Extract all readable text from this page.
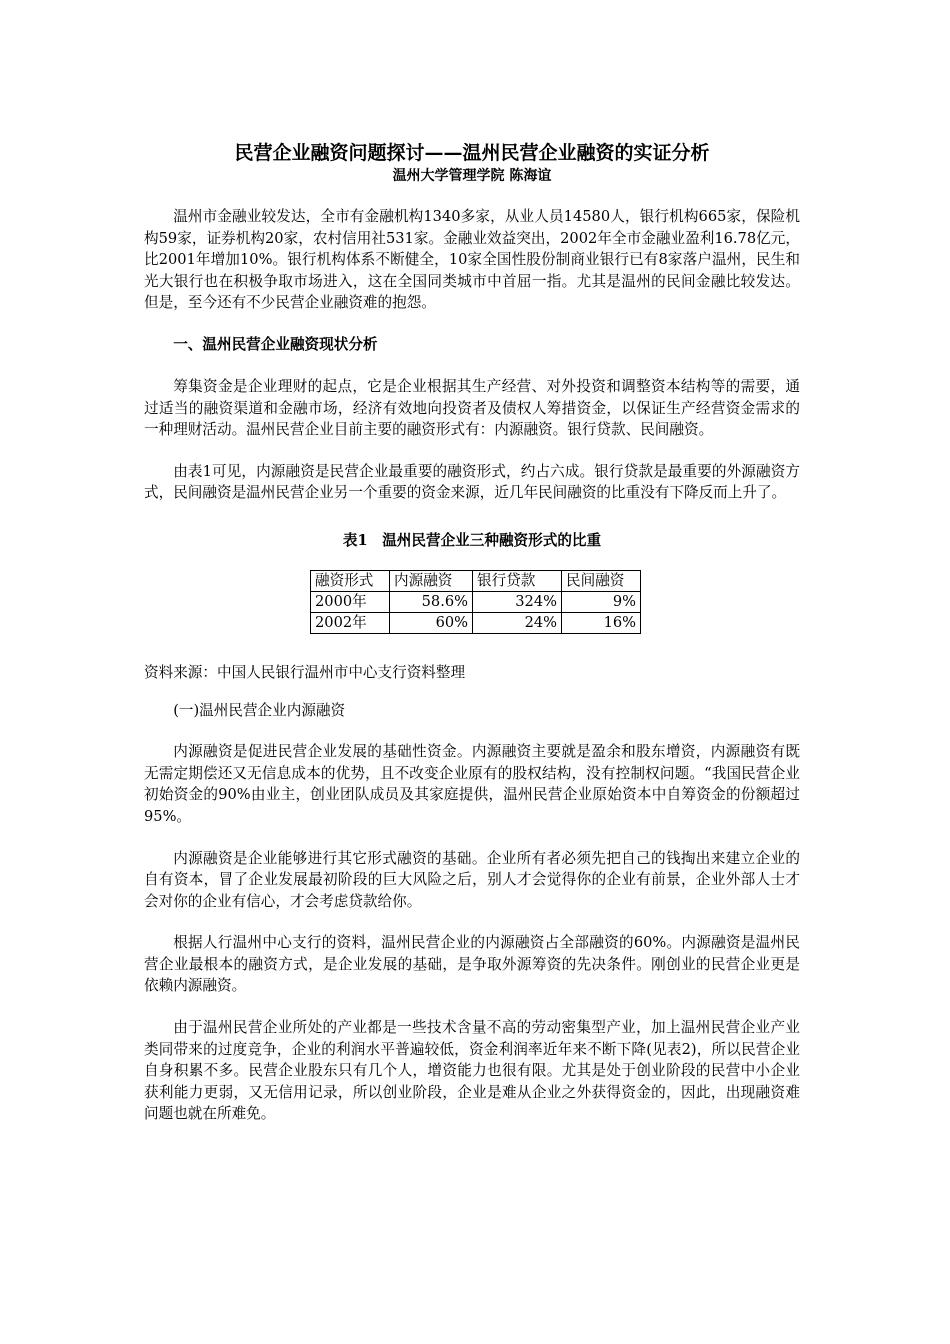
民营企业融资问题探讨——温州民营企业融资的实证分析
温州大学管理学院 陈海谊

温州市金融业较发达，全市有金融机构1340多家，从业人员14580人，银行机构665家，保险机构59家，证券机构20家，农村信用社531家。金融业效益突出，2002年全市金融业盈利16.78亿元，比2001年增加10%。银行机构体系不断健全，10家全国性股份制商业银行已有8家落户温州，民生和光大银行也在积极争取市场进入，这在全国同类城市中首屈一指。尤其是温州的民间金融比较发达。但是，至今还有不少民营企业融资难的抱怨。

一、温州民营企业融资现状分析

筹集资金是企业理财的起点，它是企业根据其生产经营、对外投资和调整资本结构等的需要，通过适当的融资渠道和金融市场，经济有效地向投资者及债权人筹措资金，以保证生产经营资金需求的一种理财活动。温州民营企业目前主要的融资形式有：内源融资。银行贷款、民间融资。

由表1可见，内源融资是民营企业最重要的融资形式，约占六成。银行贷款是最重要的外源融资方式，民间融资是温州民营企业另一个重要的资金来源，近几年民间融资的比重没有下降反而上升了。

表1　温州民营企业三种融资形式的比重
融资形式	内源融资	银行贷款	民间融资
2000年	58.6%	324%	9%
2002年	60%	24%	16%

资料来源：中国人民银行温州市中心支行资料整理

(一)温州民营企业内源融资

内源融资是促进民营企业发展的基础性资金。内源融资主要就是盈余和股东增资，内源融资有既无需定期偿还又无信息成本的优势，且不改变企业原有的股权结构，没有控制权问题。“我国民营企业初始资金的90%由业主，创业团队成员及其家庭提供，温州民营企业原始资本中自筹资金的份额超过95%。

内源融资是企业能够进行其它形式融资的基础。企业所有者必须先把自己的钱掏出来建立企业的自有资本，冒了企业发展最初阶段的巨大风险之后，别人才会觉得你的企业有前景，企业外部人士才会对你的企业有信心，才会考虑贷款给你。

根据人行温州中心支行的资料，温州民营企业的内源融资占全部融资的60%。内源融资是温州民营企业最根本的融资方式，是企业发展的基础，是争取外源筹资的先决条件。刚创业的民营企业更是依赖内源融资。

由于温州民营企业所处的产业都是一些技术含量不高的劳动密集型产业，加上温州民营企业产业类同带来的过度竞争，企业的利润水平普遍较低，资金利润率近年来不断下降(见表2)，所以民营企业自身积累不多。民营企业股东只有几个人，增资能力也很有限。尤其是处于创业阶段的民营中小企业获利能力更弱，又无信用记录，所以创业阶段，企业是难从企业之外获得资金的，因此，出现融资难问题也就在所难免。
